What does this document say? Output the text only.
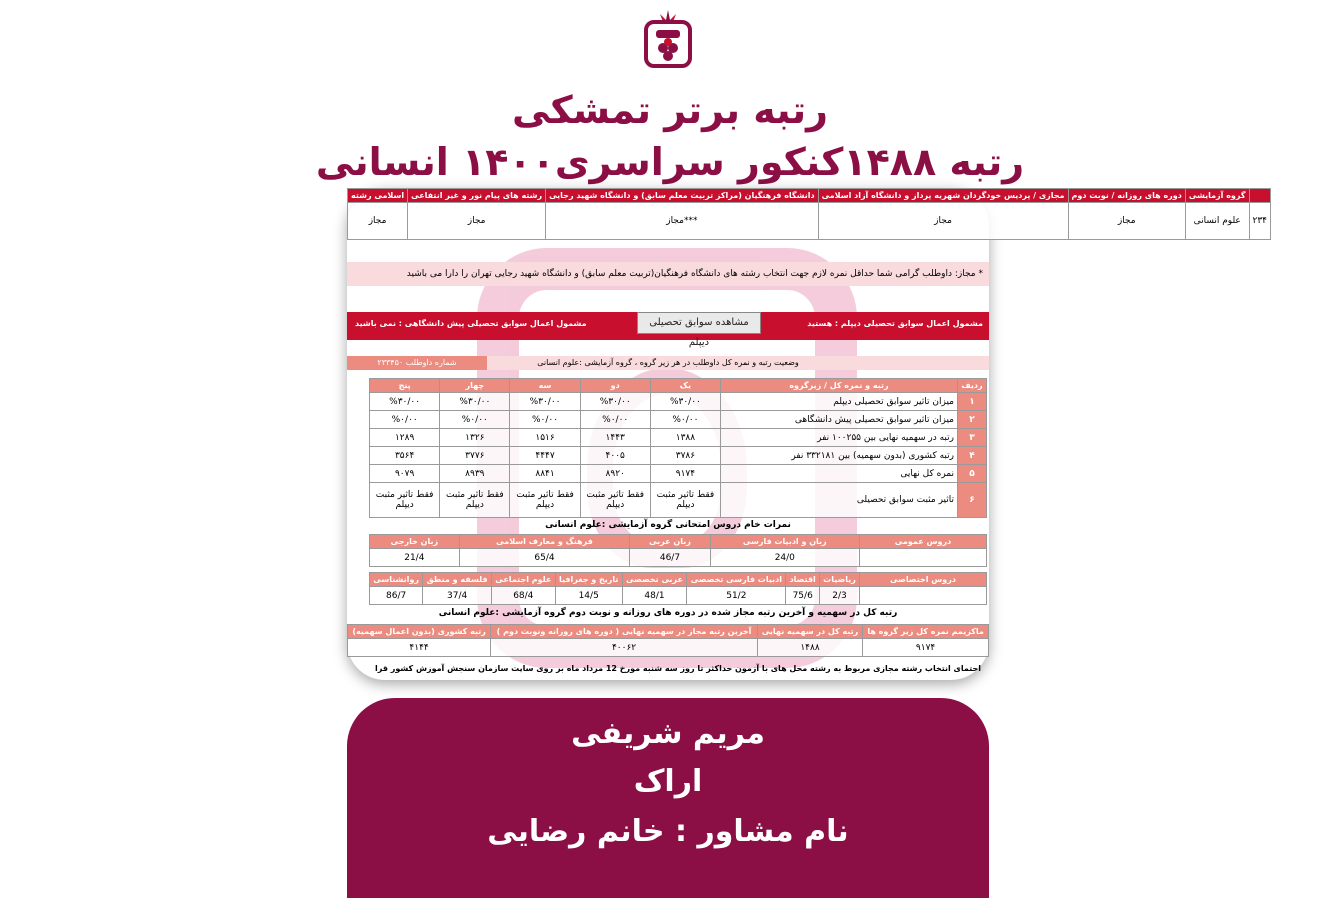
رتبه برتر تمشکی
رتبه ۱۴۸۸کنکور سراسری۱۴۰۰ انسانی
	گروه آزمایشی	دوره های روزانه / نوبت دوم	مجازی / پردیس خودگردان شهریه پرداز و دانشگاه آزاد اسلامی	دانشگاه فرهنگیان (مراکز تربیت معلم سابق) و دانشگاه شهید رجایی	رشته های پیام نور و غیر انتفاعی	اسلامی رشته
۲۳۴	علوم انسانی	مجاز	مجاز	***مجاز	مجاز	مجاز
* مجاز: داوطلب گرامی شما حداقل نمره لازم جهت انتخاب رشته های دانشگاه فرهنگیان(تربیت معلم سابق) و دانشگاه شهید رجایی تهران را دارا می باشید
مشمول اعمال سوابق تحصیلی دیپلم : هستید
مشاهده سوابق تحصیلی دیپلم
مشمول اعمال سوابق تحصیلی پیش دانشگاهی : نمی باشید
وضعیت رتبه و نمره کل داوطلب در هر زیر گروه ، گروه آزمایشی :علوم انسانی
شماره داوطلب ۲۳۳۴۵۰
ردیف	رتبه و نمره کل / زیرگروه	یک	دو	سه	چهار	پنج
۱	میزان تاثیر سوابق تحصیلی دیپلم	%۳۰/۰۰	%۳۰/۰۰	%۳۰/۰۰	%۳۰/۰۰	%۳۰/۰۰
۲	میزان تاثیر سوابق تحصیلی پیش دانشگاهی	%۰/۰۰	%۰/۰۰	%۰/۰۰	%۰/۰۰	%۰/۰۰
۳	رتبه در سهمیه نهایی بین ۱۰۰۲۵۵ نفر	۱۳۸۸	۱۴۴۳	۱۵۱۶	۱۳۲۶	۱۲۸۹
۴	رتبه کشوری (بدون سهمیه) بین ۳۳۲۱۸۱ نفر	۳۷۸۶	۴۰۰۵	۴۴۴۷	۳۷۷۶	۳۵۶۴
۵	نمره کل نهایی	۹۱۷۴	۸۹۲۰	۸۸۴۱	۸۹۳۹	۹۰۷۹
۶	تاثیر مثبت سوابق تحصیلی	فقط تاثیر مثبت دیپلم	فقط تاثیر مثبت دیپلم	فقط تاثیر مثبت دیپلم	فقط تاثیر مثبت دیپلم	فقط تاثیر مثبت دیپلم
نمرات خام دروس امتحانی گروه آزمایشی :علوم انسانی
دروس عمومی	زبان و ادبیات فارسی	زبان عربی	فرهنگ و معارف اسلامی	زبان خارجی
درصد نمره درس	24/0	46/7	65/4	21/4
دروس اختصاصی	ریاضیات	اقتصاد	ادبیات فارسی تخصصی	عربی تخصصی	تاریخ و جغرافیا	علوم اجتماعی	فلسفه و منطق	روانشناسی
درصد نمره درس	2/3	75/6	51/2	48/1	14/5	68/4	37/4	86/7
رتبه کل در سهمیه و آخرین رتبه مجاز شده در دوره های روزانه و نوبت دوم گروه آزمایشی :علوم انسانی
ماکزیمم نمره کل زیر گروه ها	رتبه کل در سهمیه نهایی	آخرین رتبه مجاز در سهمیه نهایی ( دوره های روزانه ونوبت دوم )	رتبه کشوری (بدون اعمال سهمیه)
۹۱۷۴	۱۴۸۸	۴۰۰۶۲	۴۱۴۴
احتمای انتخاب رشته مجازی مربوط به رشته محل های با آزمون حداکثر تا روز سه شنبه مورخ 12 مرداد ماه بر روی سایت سازمان سنجش آموزش کشور قرا
مریم شریفی
اراک
نام مشاور : خانم رضایی
